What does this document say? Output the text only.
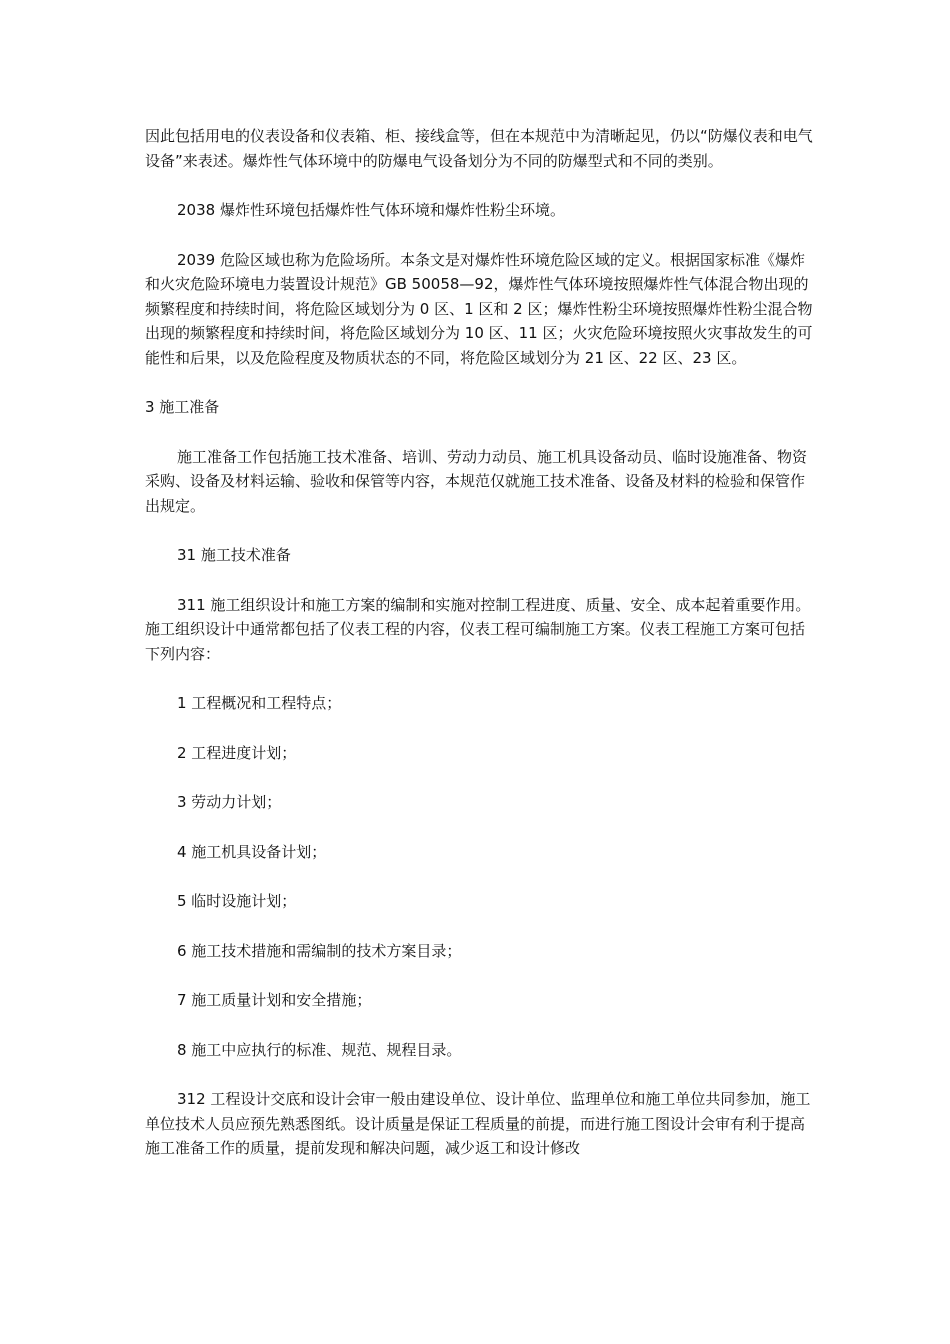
因此包括用电的仪表设备和仪表箱、柜、接线盒等，但在本规范中为清晰起见，仍以“防爆仪表和电气设备”来表述。爆炸性气体环境中的防爆电气设备划分为不同的防爆型式和不同的类别。

2038 爆炸性环境包括爆炸性气体环境和爆炸性粉尘环境。

2039 危险区域也称为危险场所。本条文是对爆炸性环境危险区域的定义。根据国家标准《爆炸和火灾危险环境电力装置设计规范》GB 50058—92，爆炸性气体环境按照爆炸性气体混合物出现的频繁程度和持续时间，将危险区域划分为 0 区、1 区和 2 区；爆炸性粉尘环境按照爆炸性粉尘混合物出现的频繁程度和持续时间，将危险区域划分为 10 区、11 区；火灾危险环境按照火灾事故发生的可能性和后果，以及危险程度及物质状态的不同，将危险区域划分为 21 区、22 区、23 区。

3 施工准备

施工准备工作包括施工技术准备、培训、劳动力动员、施工机具设备动员、临时设施准备、物资采购、设备及材料运输、验收和保管等内容，本规范仅就施工技术准备、设备及材料的检验和保管作出规定。

31 施工技术准备

311 施工组织设计和施工方案的编制和实施对控制工程进度、质量、安全、成本起着重要作用。施工组织设计中通常都包括了仪表工程的内容，仪表工程可编制施工方案。仪表工程施工方案可包括下列内容：

1 工程概况和工程特点；

2 工程进度计划；

3 劳动力计划；

4 施工机具设备计划；

5 临时设施计划；

6 施工技术措施和需编制的技术方案目录；

7 施工质量计划和安全措施；

8 施工中应执行的标准、规范、规程目录。

312 工程设计交底和设计会审一般由建设单位、设计单位、监理单位和施工单位共同参加，施工单位技术人员应预先熟悉图纸。设计质量是保证工程质量的前提，而进行施工图设计会审有利于提高施工准备工作的质量，提前发现和解决问题，减少返工和设计修改
